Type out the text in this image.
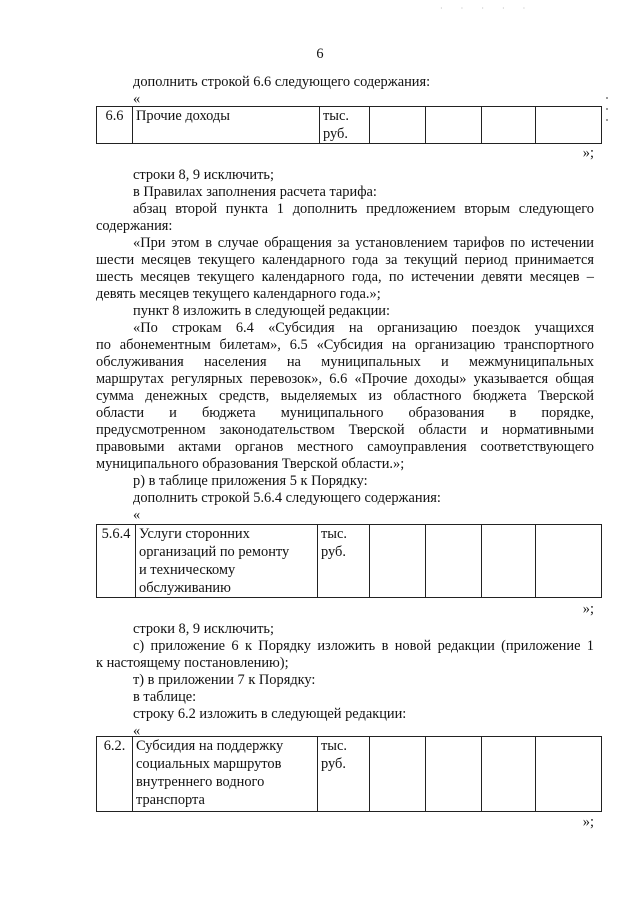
· · · · ·
6
дополнить строкой 6.6 следующего содержания:
«
6.6	Прочие доходы	тыс.
руб.				
»;
строки 8, 9 исключить;
в Правилах заполнения расчета тарифа:
абзац второй пункта 1 дополнить предложением вторым следующего
содержания:
«При этом в случае обращения за установлением тарифов по истечении
шести месяцев текущего календарного года за текущий период принимается
шесть месяцев текущего календарного года, по истечении девяти месяцев –
девять месяцев текущего календарного года.»;
пункт 8 изложить в следующей редакции:
«По строкам 6.4 «Субсидия на организацию поездок учащихся
по абонементным билетам», 6.5 «Субсидия на организацию транспортного
обслуживания населения на муниципальных и межмуниципальных
маршрутах регулярных перевозок», 6.6 «Прочие доходы» указывается общая
сумма денежных средств, выделяемых из областного бюджета Тверской
области и бюджета муниципального образования в порядке,
предусмотренном законодательством Тверской области и нормативными
правовыми актами органов местного самоуправления соответствующего
муниципального образования Тверской области.»;
р) в таблице приложения 5 к Порядку:
дополнить строкой 5.6.4 следующего содержания:
«
5.6.4	Услуги сторонних
организаций по ремонту
и техническому
обслуживанию	тыс.
руб.				
»;
строки 8, 9 исключить;
с) приложение 6 к Порядку изложить в новой редакции (приложение 1
к настоящему постановлению);
т) в приложении 7 к Порядку:
в таблице:
строку 6.2 изложить в следующей редакции:
«
6.2.	Субсидия на поддержку
социальных маршрутов
внутреннего водного
транспорта	тыс.
руб.				
»;
